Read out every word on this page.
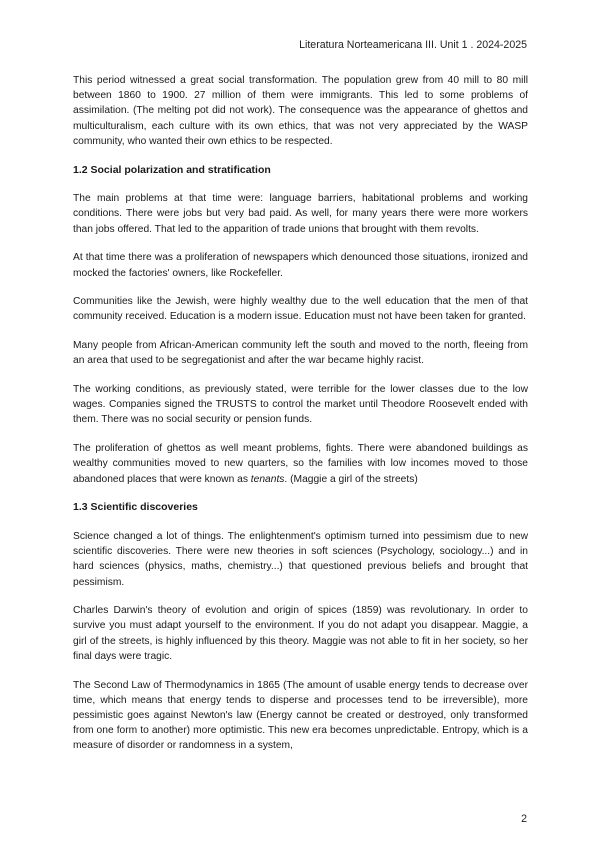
Literatura Norteamericana III. Unit 1 . 2024-2025

This period witnessed a great social transformation. The population grew from 40 mill to 80 mill between 1860 to 1900. 27 million of them were immigrants. This led to some problems of assimilation. (The melting pot did not work). The consequence was the appearance of ghettos and multiculturalism, each culture with its own ethics, that was not very appreciated by the WASP community, who wanted their own ethics to be respected.

1.2 Social polarization and stratification

The main problems at that time were: language barriers, habitational problems and working conditions. There were jobs but very bad paid. As well, for many years there were more workers than jobs offered. That led to the apparition of trade unions that brought with them revolts.

At that time there was a proliferation of newspapers which denounced those situations, ironized and mocked the factories' owners, like Rockefeller.

Communities like the Jewish, were highly wealthy due to the well education that the men of that community received. Education is a modern issue. Education must not have been taken for granted.

Many people from African-American community left the south and moved to the north, fleeing from an area that used to be segregationist and after the war became highly racist.

The working conditions, as previously stated, were terrible for the lower classes due to the low wages. Companies signed the TRUSTS to control the market until Theodore Roosevelt ended with them. There was no social security or pension funds.

The proliferation of ghettos as well meant problems, fights. There were abandoned buildings as wealthy communities moved to new quarters, so the families with low incomes moved to those abandoned places that were known as tenants. (Maggie a girl of the streets)

1.3 Scientific discoveries

Science changed a lot of things. The enlightenment's optimism turned into pessimism due to new scientific discoveries. There were new theories in soft sciences (Psychology, sociology...) and in hard sciences (physics, maths, chemistry...) that questioned previous beliefs and brought that pessimism.

Charles Darwin's theory of evolution and origin of spices (1859) was revolutionary. In order to survive you must adapt yourself to the environment. If you do not adapt you disappear. Maggie, a girl of the streets, is highly influenced by this theory. Maggie was not able to fit in her society, so her final days were tragic.

The Second Law of Thermodynamics in 1865 (The amount of usable energy tends to decrease over time, which means that energy tends to disperse and processes tend to be irreversible), more pessimistic goes against Newton's law (Energy cannot be created or destroyed, only transformed from one form to another) more optimistic. This new era becomes unpredictable. Entropy, which is a measure of disorder or randomness in a system,

2
